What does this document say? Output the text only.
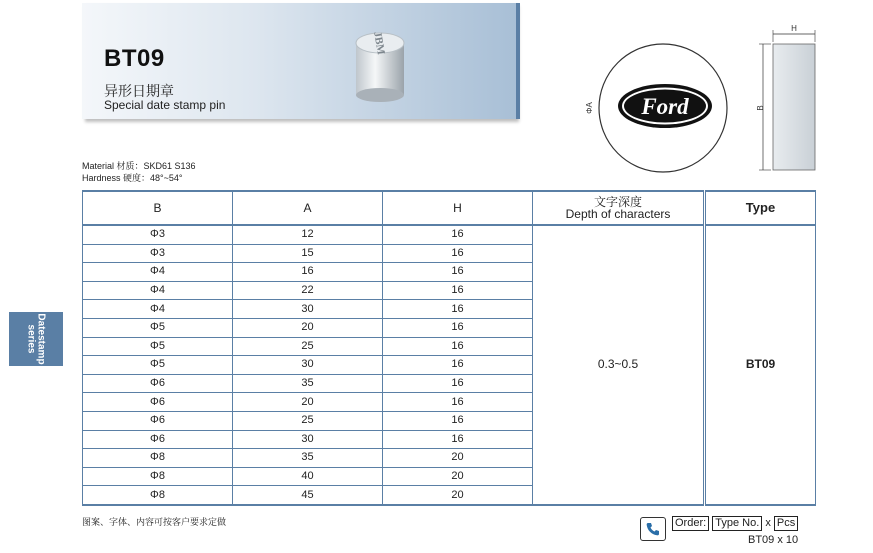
BT09
异形日期章
Special date stamp pin
JBM
Ford
ΦA
H
B
Material 材质：SKD61 S136
Hardness 硬度：48°~54°
B	A	H	文字深度
Depth of characters	Type
Φ3	12	16	0.3~0.5	BT09
Φ3	15	16		
Φ4	16	16		
Φ4	22	16		
Φ4	30	16		
Φ5	20	16		
Φ5	25	16		
Φ5	30	16		
Φ6	35	16		
Φ6	20	16		
Φ6	25	16		
Φ6	30	16		
Φ8	35	20		
Φ8	40	20		
Φ8	45	20		
Datestamp
series
图案、字体、内容可按客户要求定做	Order: Type No. x Pcs
BT09 x 10
